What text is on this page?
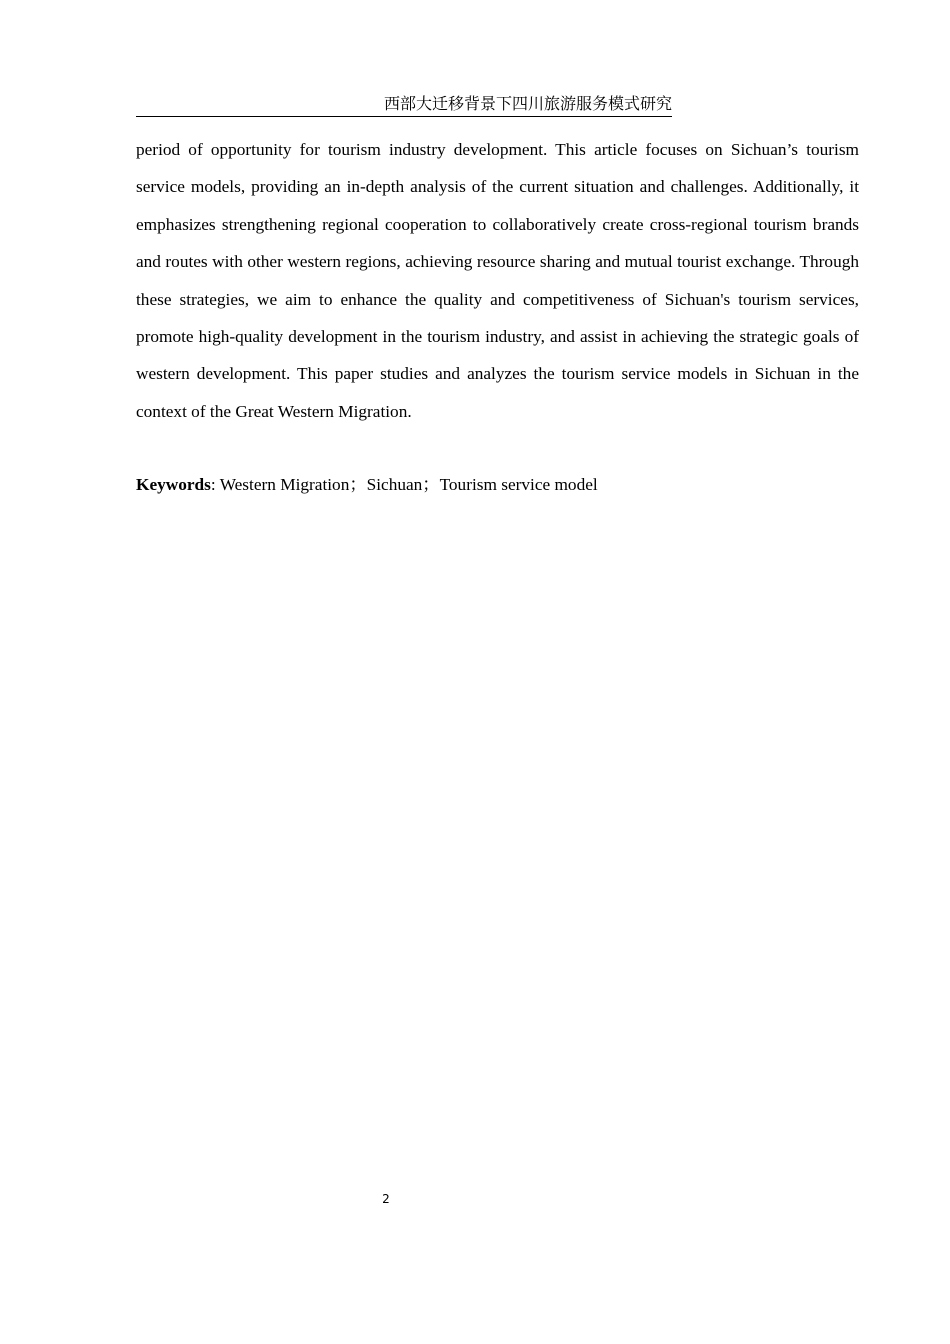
西部大迁移背景下四川旅游服务模式研究

period of opportunity for tourism industry development. This article focuses on Sichuan’s tourism service models, providing an in-depth analysis of the current situation and challenges. Additionally, it emphasizes strengthening regional cooperation to collaboratively create cross-regional tourism brands and routes with other western regions, achieving resource sharing and mutual tourist exchange. Through these strategies, we aim to enhance the quality and competitiveness of Sichuan's tourism services, promote high-quality development in the tourism industry, and assist in achieving the strategic goals of western development. This paper studies and analyzes the tourism service models in Sichuan in the context of the Great Western Migration.

Keywords: Western Migration；Sichuan；Tourism service model

2
